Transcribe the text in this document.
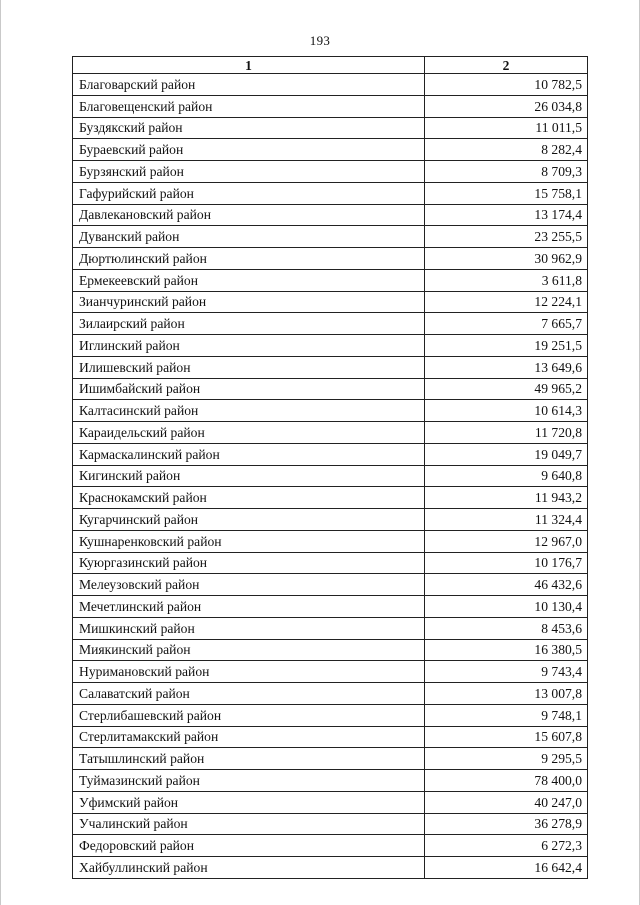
193
1	2
Благоварский район	10 782,5
Благовещенский район	26 034,8
Буздякский район	11 011,5
Бураевский район	8 282,4
Бурзянский район	8 709,3
Гафурийский район	15 758,1
Давлекановский район	13 174,4
Дуванский район	23 255,5
Дюртюлинский район	30 962,9
Ермекеевский район	3 611,8
Зианчуринский район	12 224,1
Зилаирский район	7 665,7
Иглинский район	19 251,5
Илишевский район	13 649,6
Ишимбайский район	49 965,2
Калтасинский район	10 614,3
Караидельский район	11 720,8
Кармаскалинский район	19 049,7
Кигинский район	9 640,8
Краснокамский район	11 943,2
Кугарчинский район	11 324,4
Кушнаренковский район	12 967,0
Куюргазинский район	10 176,7
Мелеузовский район	46 432,6
Мечетлинский район	10 130,4
Мишкинский район	8 453,6
Миякинский район	16 380,5
Нуримановский район	9 743,4
Салаватский район	13 007,8
Стерлибашевский район	9 748,1
Стерлитамакский район	15 607,8
Татышлинский район	9 295,5
Туймазинский район	78 400,0
Уфимский район	40 247,0
Учалинский район	36 278,9
Федоровский район	6 272,3
Хайбуллинский район	16 642,4
